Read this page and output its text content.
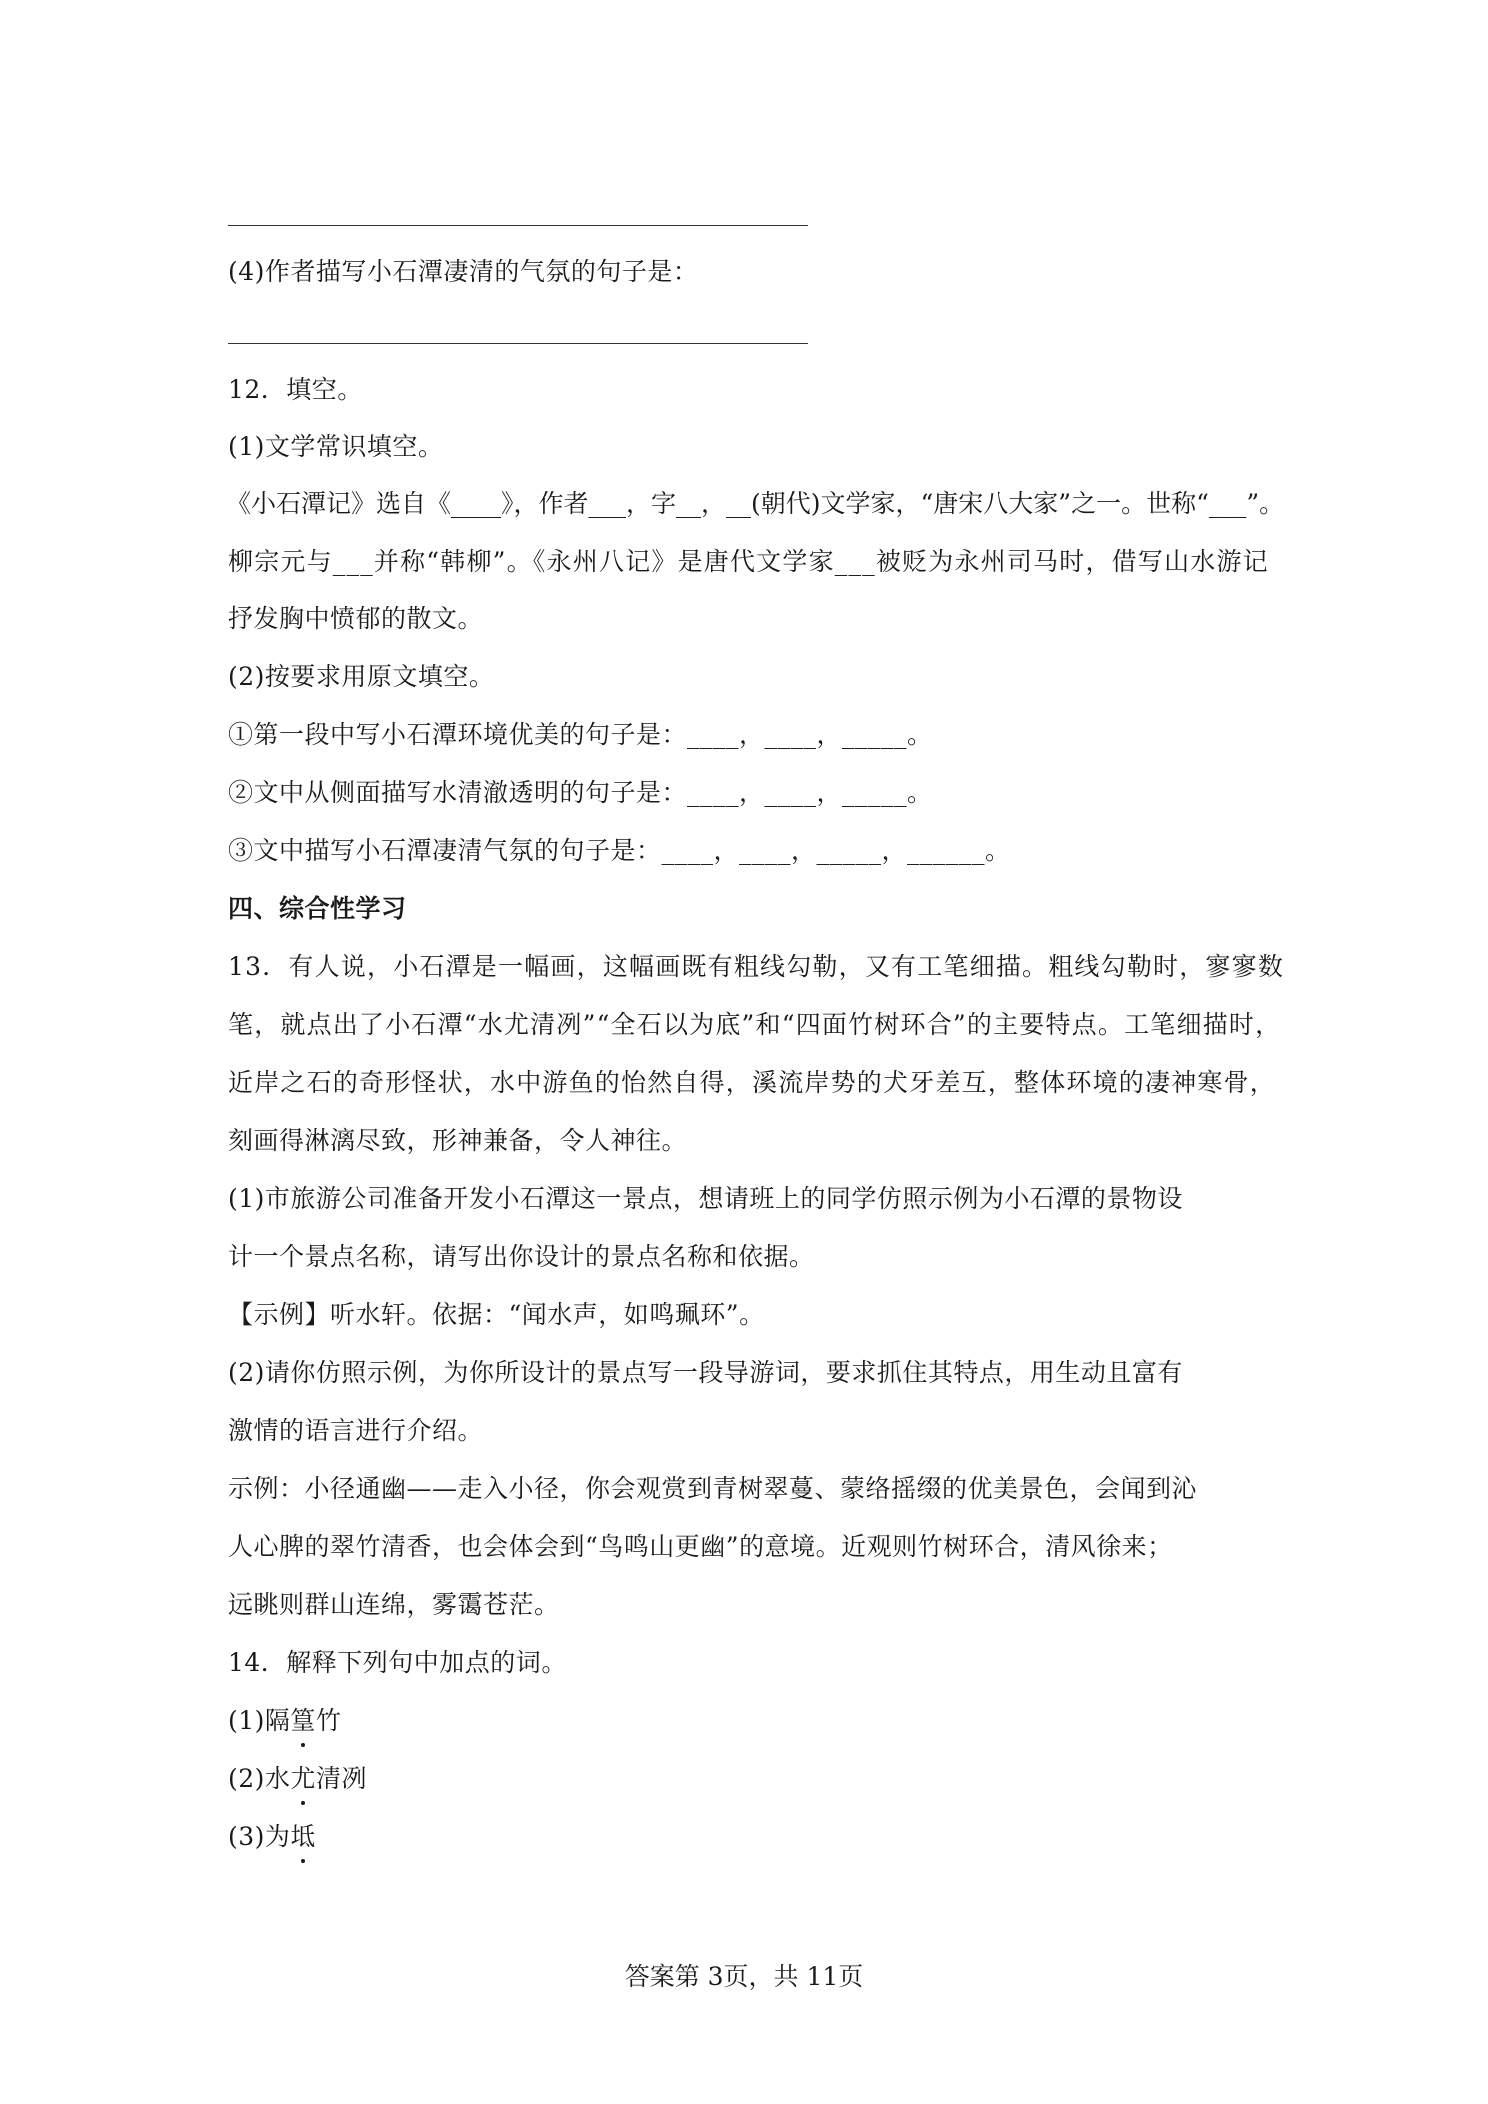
(4)作者描写小石潭凄清的气氛的句子是：
12．填空。
(1)文学常识填空。
《小石潭记》选自《____》，作者___，字__，__(朝代)文学家，“唐宋八大家”之一。世称“___”。
柳宗元与___并称“韩柳”。《永州八记》是唐代文学家___被贬为永州司马时，借写山水游记
抒发胸中愤郁的散文。
(2)按要求用原文填空。
①第一段中写小石潭环境优美的句子是：____，____，_____。
②文中从侧面描写水清澈透明的句子是：____，____，_____。
③文中描写小石潭凄清气氛的句子是：____，____，_____，______。
四、综合性学习
13．有人说，小石潭是一幅画，这幅画既有粗线勾勒，又有工笔细描。粗线勾勒时，寥寥数
笔，就点出了小石潭“水尤清冽”“全石以为底”和“四面竹树环合”的主要特点。工笔细描时，
近岸之石的奇形怪状，水中游鱼的怡然自得，溪流岸势的犬牙差互，整体环境的凄神寒骨，
刻画得淋漓尽致，形神兼备，令人神往。
(1)市旅游公司准备开发小石潭这一景点，想请班上的同学仿照示例为小石潭的景物设
计一个景点名称，请写出你设计的景点名称和依据。
【示例】听水轩。依据：“闻水声，如鸣珮环”。
(2)请你仿照示例，为你所设计的景点写一段导游词，要求抓住其特点，用生动且富有
激情的语言进行介绍。
示例：小径通幽——走入小径，你会观赏到青树翠蔓、蒙络摇缀的优美景色，会闻到沁
人心脾的翠竹清香，也会体会到“鸟鸣山更幽”的意境。近观则竹树环合，清风徐来；
远眺则群山连绵，雾霭苍茫。
14．解释下列句中加点的词。
(1)隔篁竹
(2)水尤清冽
(3)为坻
答案第 3页，共 11页
